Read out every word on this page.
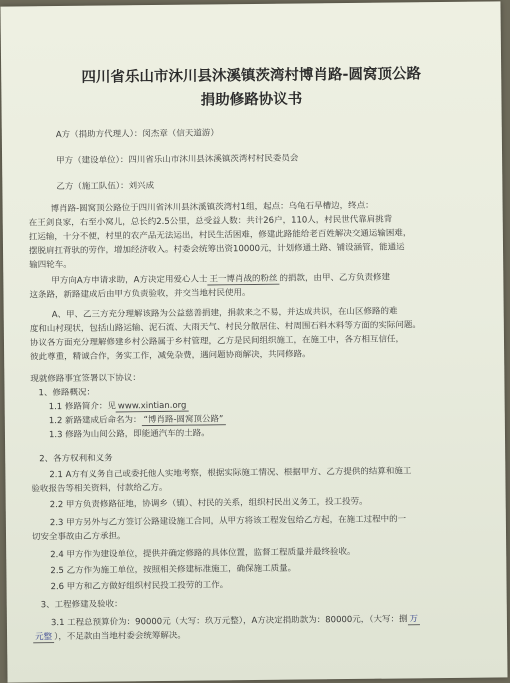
四川省乐山市沐川县沐溪镇茨湾村博肖路-圆窝顶公路
捐助修路协议书
A方（捐助方代理人）：闵杰章（信天道游）
甲方（建设单位）：四川省乐山市沐川县沐溪镇茨湾村村民委员会
乙方（施工队伍）：刘兴成
博肖路-圆窝顶公路位于四川省沐川县沐溪镇茨湾村1组，起点：乌龟石旱槽边，终点：
在王剑良家，右至小窝儿，总长约2.5公里，总受益人数：共计26户，110人，村民世代靠肩挑背
扛运输，十分不便，村里的农产品无法运出，村民生活困难，修建此路能给老百姓解决交通运输困难，
摆脱肩扛背驮的劳作，增加经济收入。村委会统筹出资10000元，计划修通土路、铺设涵管，能通运
输四轮车。
甲方向A方申请求助，A方决定用爱心人士 王一博肖战的粉丝 的捐款，由甲、乙方负责修建
这条路，新路建成后由甲方负责验收，并交当地村民使用。
A、甲、乙三方充分理解该路为公益慈善捐建，捐款来之不易，并达成共识，在山区修路的难
度和山村现状，包括山路运输、泥石流、大雨天气、村民分散居住、村周围石料木料等方面的实际问题。
协议各方面充分理解修建乡村公路属于乡村管理，乙方是民间组织施工，在施工中，各方相互信任，
彼此尊重，精诚合作，务实工作，减免杂费，遇问题协商解决，共同修路。
现就修路事宜签署以下协议：
1、修路概况：
1.1 修路简介：见 www.xintian.org
1.2 新路建成后命名为： “博肖路-圆窝顶公路”
1.3 修路为山间公路，即能通汽车的土路。
2、各方权利和义务
2.1 A方有义务自己或委托他人实地考察，根据实际施工情况、根据甲方、乙方提供的结算和施工
验收报告等相关资料，付款给乙方。
2.2 甲方负责修路征地，协调乡（镇）、村民的关系，组织村民出义务工，投工投劳。
2.3 甲方另外与乙方签订公路建设施工合同，从甲方将该工程发包给乙方起，在施工过程中的一
切安全事故由乙方承担。
2.4 甲方作为建设单位，提供并确定修路的具体位置，监督工程质量并最终验收。
2.5 乙方作为施工单位，按照相关修建标准施工，确保施工质量。
2.6 甲方和乙方做好组织村民投工投劳的工作。
3、工程修建及验收：
3.1 工程总预算价为：90000元（大写：玖万元整），A方决定捐助款为：80000元，（大写：捌 万
元整 ），不足款由当地村委会统筹解决。
